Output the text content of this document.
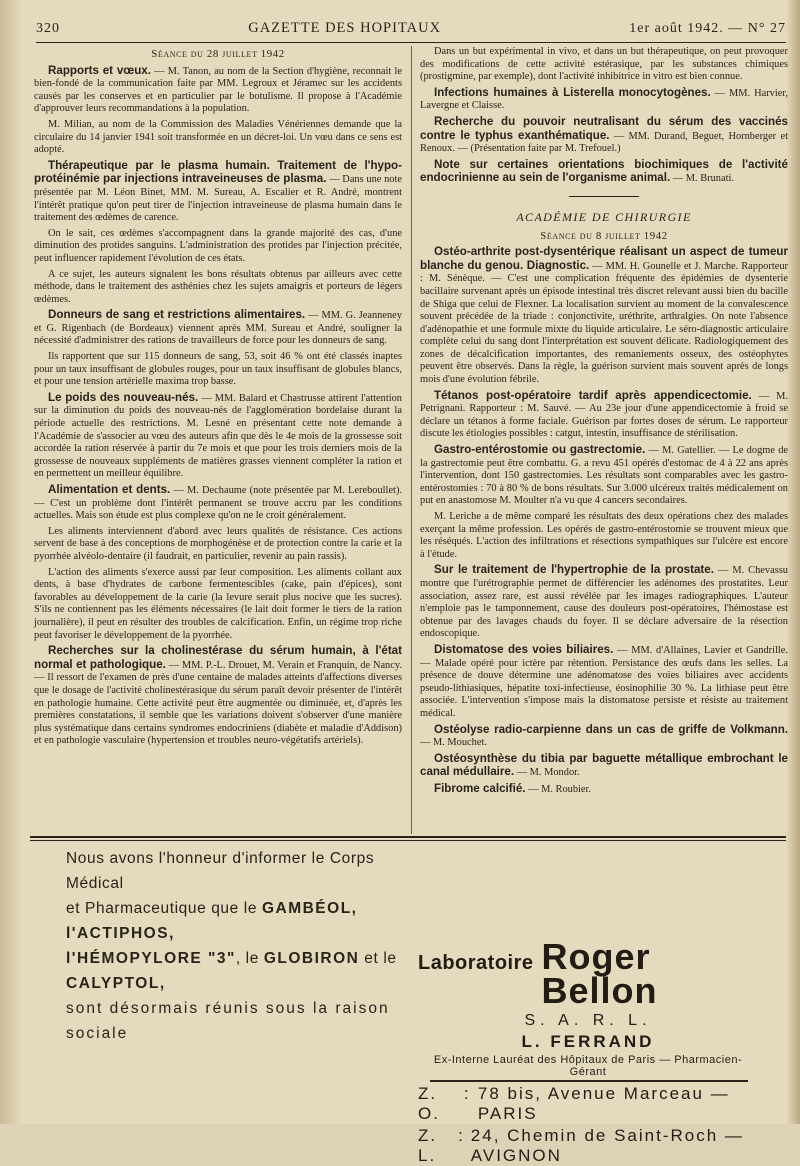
320	GAZETTE DES HOPITAUX	1er août 1942. — N° 27
Séance du 28 juillet 1942

Rapports et vœux. — M. Tanon, au nom de la Section d'hygiène, reconnait le bien-fondé de la communication faite par MM. Legroux et Jéramec sur les accidents causés par les conserves et en particulier par le botulisme. Il propose à l'Académie d'approuver leurs recommandations à la population.

M. Milian, au nom de la Commission des Maladies Vénériennes demande que la circulaire du 14 janvier 1941 soit transformée en un décret-loi. Un vœu dans ce sens est adopté.

Thérapeutique par le plasma humain. Traitement de l'hypo-protéinémie par injections intraveineuses de plasma. — Dans une note présentée par M. Léon Binet, MM. M. Sureau, A. Escalier et R. André, montrent l'intérêt pratique qu'on peut tirer de l'injection intraveineuse de plasma humain dans le traitement des œdèmes de carence.

On le sait, ces œdèmes s'accompagnent dans la grande majorité des cas, d'une diminution des protides sanguins. L'administration des protides par l'injection précitée, peut influencer rapidement l'évolution de ces états.

A ce sujet, les auteurs signalent les bons résultats obtenus par ailleurs avec cette méthode, dans le traitement des asthénies chez les sujets amaigris et porteurs de légers œdèmes.

Donneurs de sang et restrictions alimentaires. — MM. G. Jeanneney et G. Rigenbach (de Bordeaux) viennent après MM. Sureau et André, souligner la nécessité d'administrer des rations de travailleurs de force pour les donneurs de sang.

Ils rapportent que sur 115 donneurs de sang, 53, soit 46 % ont été classés inaptes pour un taux insuffisant de globules rouges, pour un taux insuffisant de globules blancs, et pour une tension artérielle maxima trop basse.

Le poids des nouveau-nés. — MM. Balard et Chastrusse attirent l'attention sur la diminution du poids des nouveau-nés de l'agglomération bordelaise durant la période actuelle des restrictions. M. Lesné en présentant cette note demande à l'Académie de s'associer au vœu des auteurs afin que dès le 4e mois de la grossesse soit accordée la ration réservée à partir du 7e mois et que pour les trois derniers mois de la grossesse de nouveaux suppléments de matières grasses viennent compléter la ration et en permettent un meilleur équilibre.

Alimentation et dents. — M. Dechaume (note présentée par M. Lereboullet). — C'est un problème dont l'intérêt permanent se trouve accru par les conditions actuelles. Mais son étude est plus complexe qu'on ne le croit généralement.

Les aliments interviennent d'abord avec leurs qualités de résistance. Ces actions servent de base à des conceptions de morphogénèse et de protection contre la carie et la pyorrhée alvéolo-dentaire (il faudrait, en particulier, revenir au pain rassis).

L'action des aliments s'exerce aussi par leur composition. Les aliments collant aux dents, à base d'hydrates de carbone fermentescibles (cake, pain d'épices), sont favorables au développement de la carie (la levure serait plus nocive que les sucres). S'ils ne contiennent pas les éléments nécessaires (le lait doit former le tiers de la ration journalière), il peut en résulter des troubles de calcification. Enfin, un régime trop riche peut favoriser le développement de la pyorrhée.

Recherches sur la cholinestérase du sérum humain, à l'état normal et pathologique. — MM. P.-L. Drouet, M. Verain et Franquin, de Nancy. — Il ressort de l'examen de près d'une centaine de malades atteints d'affections diverses que le dosage de l'activité cholinestérasique du sérum paraît devoir présenter de l'intérêt en pathologie humaine. Cette activité peut être augmentée ou diminuée, et, d'après les premières constatations, il semble que les variations doivent s'observer d'une manière plus systématique dans certains syndromes endocriniens (diabète et maladie d'Addison) et en pathologie vasculaire (hypertension et troubles neuro-végétatifs artériels).

Dans un but expérimental in vivo, et dans un but thérapeutique, on peut provoquer des modifications de cette activité estérasique, par les substances chimiques (prostigmine, par exemple), dont l'activité inhibitrice in vitro est bien connue.

Infections humaines à Listerella monocytogènes. — MM. Harvier, Lavergne et Claisse.

Recherche du pouvoir neutralisant du sérum des vaccinés contre le typhus exanthématique. — MM. Durand, Beguet, Hornberger et Renoux. — (Présentation faite par M. Trefouel.)

Note sur certaines orientations biochimiques de l'activité endocrinienne au sein de l'organisme animal. — M. Brunati.

ACADÉMIE DE CHIRURGIE
Séance du 8 juillet 1942

Ostéo-arthrite post-dysentérique réalisant un aspect de tumeur blanche du genou. Diagnostic. — MM. H. Gounelle et J. Marche. Rapporteur : M. Sénèque. — C'est une complication fréquente des épidémies de dysenterie bacillaire survenant après un épisode intestinal très discret relevant aussi bien du bacille de Shiga que celui de Flexner. La localisation survient au moment de la convalescence souvent précédée de la triade : conjonctivite, uréthrite, arthralgies. On note l'absence d'adénopathie et une formule mixte du liquide articulaire. Le séro-diagnostic articulaire complète celui du sang dont l'interprétation est souvent délicate. Radiologiquement des zones de décalcification importantes, des remaniements osseux, des ostéophytes peuvent être observés. Dans la règle, la guérison survient mais souvent après de longs mois d'une évolution fébrile.

Tétanos post-opératoire tardif après appendicectomie. — M. Petrignani. Rapporteur : M. Sauvé. — Au 23e jour d'une appendicectomie à froid se déclare un tétanos à forme faciale. Guérison par fortes doses de sérum. Le rapporteur discute les étiologies possibles : catgut, intestin, insuffisance de stérilisation.

Gastro-entérostomie ou gastrectomie. — M. Gatellier. — Le dogme de la gastrectomie peut être combattu. G. a revu 451 opérés d'estomac de 4 à 22 ans après l'intervention, dont 150 gastrectomies. Les résultats sont comparables avec les gastro-entérostomies : 70 à 80 % de bons résultats. Sur 3.000 ulcéreux traités médicalement on put en anastomose M. Moulter n'a vu que 4 cancers secondaires.

M. Leriche a de même comparé les résultats des deux opérations chez des malades exerçant la même profession. Les opérés de gastro-entérostomie se trouvent mieux que les réséqués. L'action des infiltrations et résections sympathiques sur l'ulcère est encore à l'étude.

Sur le traitement de l'hypertrophie de la prostate. — M. Chevassu montre que l'urétrographie permet de différencier les adénomes des prostatites. Leur association, assez rare, est aussi révélée par les images radiographiques. L'auteur n'emploie pas le tamponnement, cause des douleurs post-opératoires, l'hémostase est obtenue par des lavages chauds du foyer. Il se déclare adversaire de la résection endoscopique.

Distomatose des voies biliaires. — MM. d'Allaines, Lavier et Gandrille. — Malade opéré pour ictère par rétention. Persistance des œufs dans les selles. La présence de douve détermine une adénomatose des voies biliaires avec accidents pseudo-lithiasiques, hépatite toxi-infectieuse, éosinophilie 30 %. La lithiase peut être associée. L'intervention s'impose mais la distomatose persiste et résiste au traitement médical.

Ostéolyse radio-carpienne dans un cas de griffe de Volkmann. — M. Mouchet.

Ostéosynthèse du tibia par baguette métallique embrochant le canal médullaire. — M. Mondor.

Fibrome calcifié. — M. Roubier.

Nous avons l'honneur d'informer le Corps Médical
et Pharmaceutique que le GAMBÉOL, l'ACTIPHOS,
l'HÉMOPYLORE "3", le GLOBIRON et le CALYPTOL,
sont désormais réunis sous la raison sociale
Laboratoire Roger Bellon
S. A. R. L.
L. FERRAND
Ex-Interne Lauréat des Hôpitaux de Paris — Pharmacien-Gérant
Z. O.
: 78 bis, Avenue Marceau — PARIS
Z. L.
: 24, Chemin de Saint-Roch — AVIGNON
